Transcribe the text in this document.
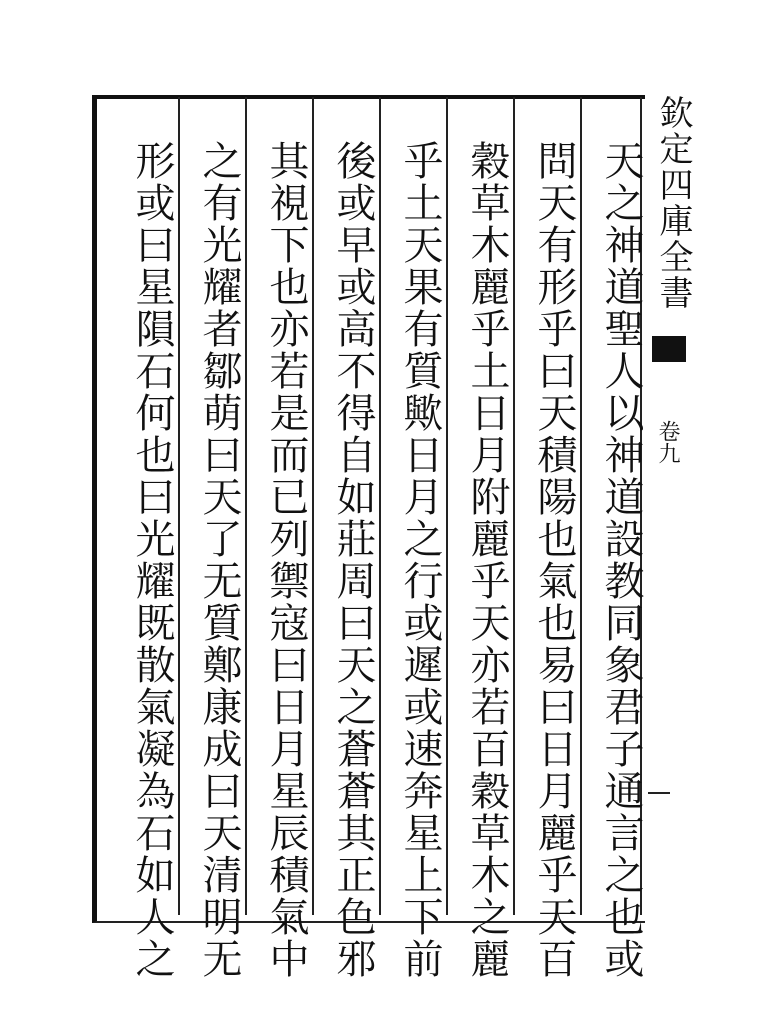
欽定四庫全書
卷九
天之神道聖人以神道設教同象君子通言之也或
問天有形乎曰天積陽也氣也易曰日月麗乎天百
穀草木麗乎土日月附麗乎天亦若百穀草木之麗
乎土天果有質歟日月之行或遲或速奔星上下前
後或早或高不得自如莊周曰天之蒼蒼其正色邪
其視下也亦若是而已列禦寇曰日月星辰積氣中
之有光耀者鄒萌曰天了无質鄭康成曰天清明无
形或曰星隕石何也曰光耀既散氣凝為石如人之
